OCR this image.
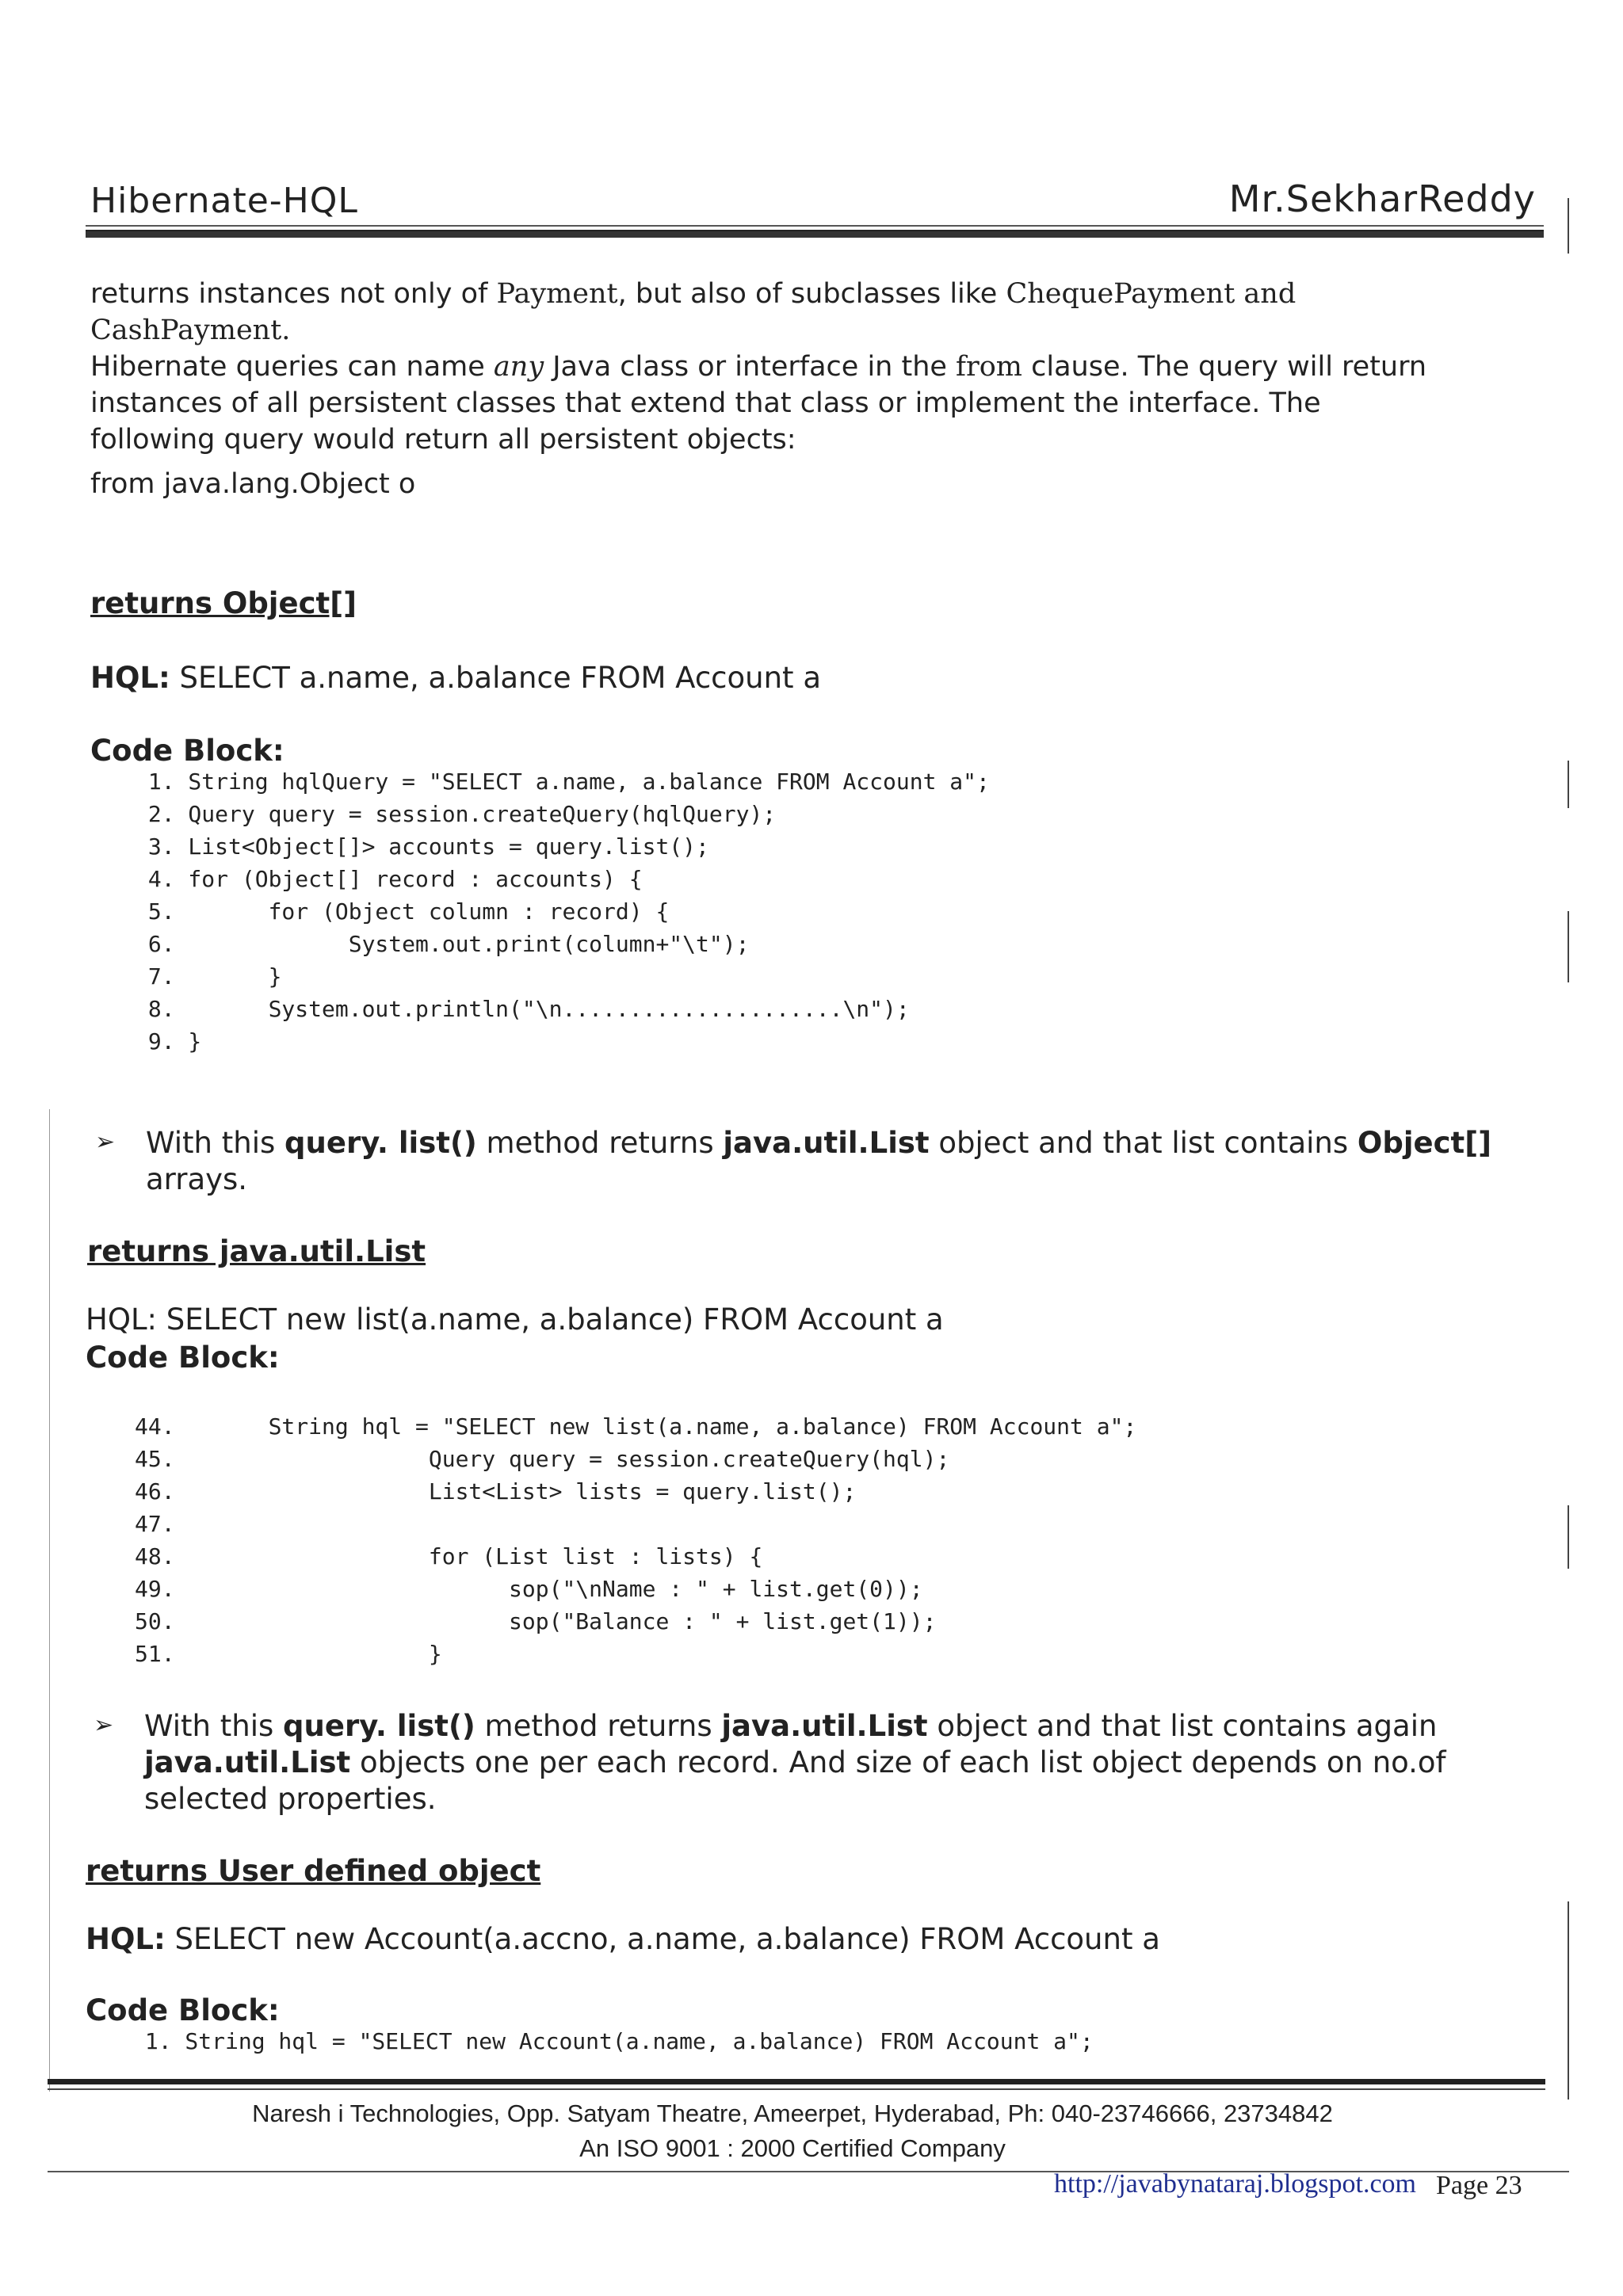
Hibernate-HQL	Mr.SekharReddy
returns instances not only of Payment, but also of subclasses like ChequePayment and CashPayment.
Hibernate queries can name any Java class or interface in the from clause. The query will return
instances of all persistent classes that extend that class or implement the interface. The
following query would return all persistent objects:
from java.lang.Object o
returns Object[]
HQL: SELECT a.name, a.balance FROM Account a
Code Block:
1. String hqlQuery = "SELECT a.name, a.balance FROM Account a";
2. Query query = session.createQuery(hqlQuery);
3. List<Object[]> accounts = query.list();
4. for (Object[] record : accounts) {
5.       for (Object column : record) {
6.             System.out.print(column+"\t");
7.       }
8.       System.out.println("\n.....................\n");
9. }
➢ With this query. list() method returns java.util.List object and that list contains Object[]
arrays.
returns java.util.List
HQL: SELECT new list(a.name, a.balance) FROM Account a
Code Block:
44.       String hql = "SELECT new list(a.name, a.balance) FROM Account a";
45.                   Query query = session.createQuery(hql);
46.                   List<List> lists = query.list();
47.
48.                   for (List list : lists) {
49.                         sop("\nName : " + list.get(0));
50.                         sop("Balance : " + list.get(1));
51.                   }
➢ With this query. list() method returns java.util.List object and that list contains again
java.util.List objects one per each record. And size of each list object depends on no.of
selected properties.
returns User defined object
HQL: SELECT new Account(a.accno, a.name, a.balance) FROM Account a
Code Block:
1. String hql = "SELECT new Account(a.name, a.balance) FROM Account a";
Naresh i Technologies, Opp. Satyam Theatre, Ameerpet, Hyderabad, Ph: 040-23746666, 23734842
An ISO 9001 : 2000 Certified Company
http://javabynataraj.blogspot.com Page 23
